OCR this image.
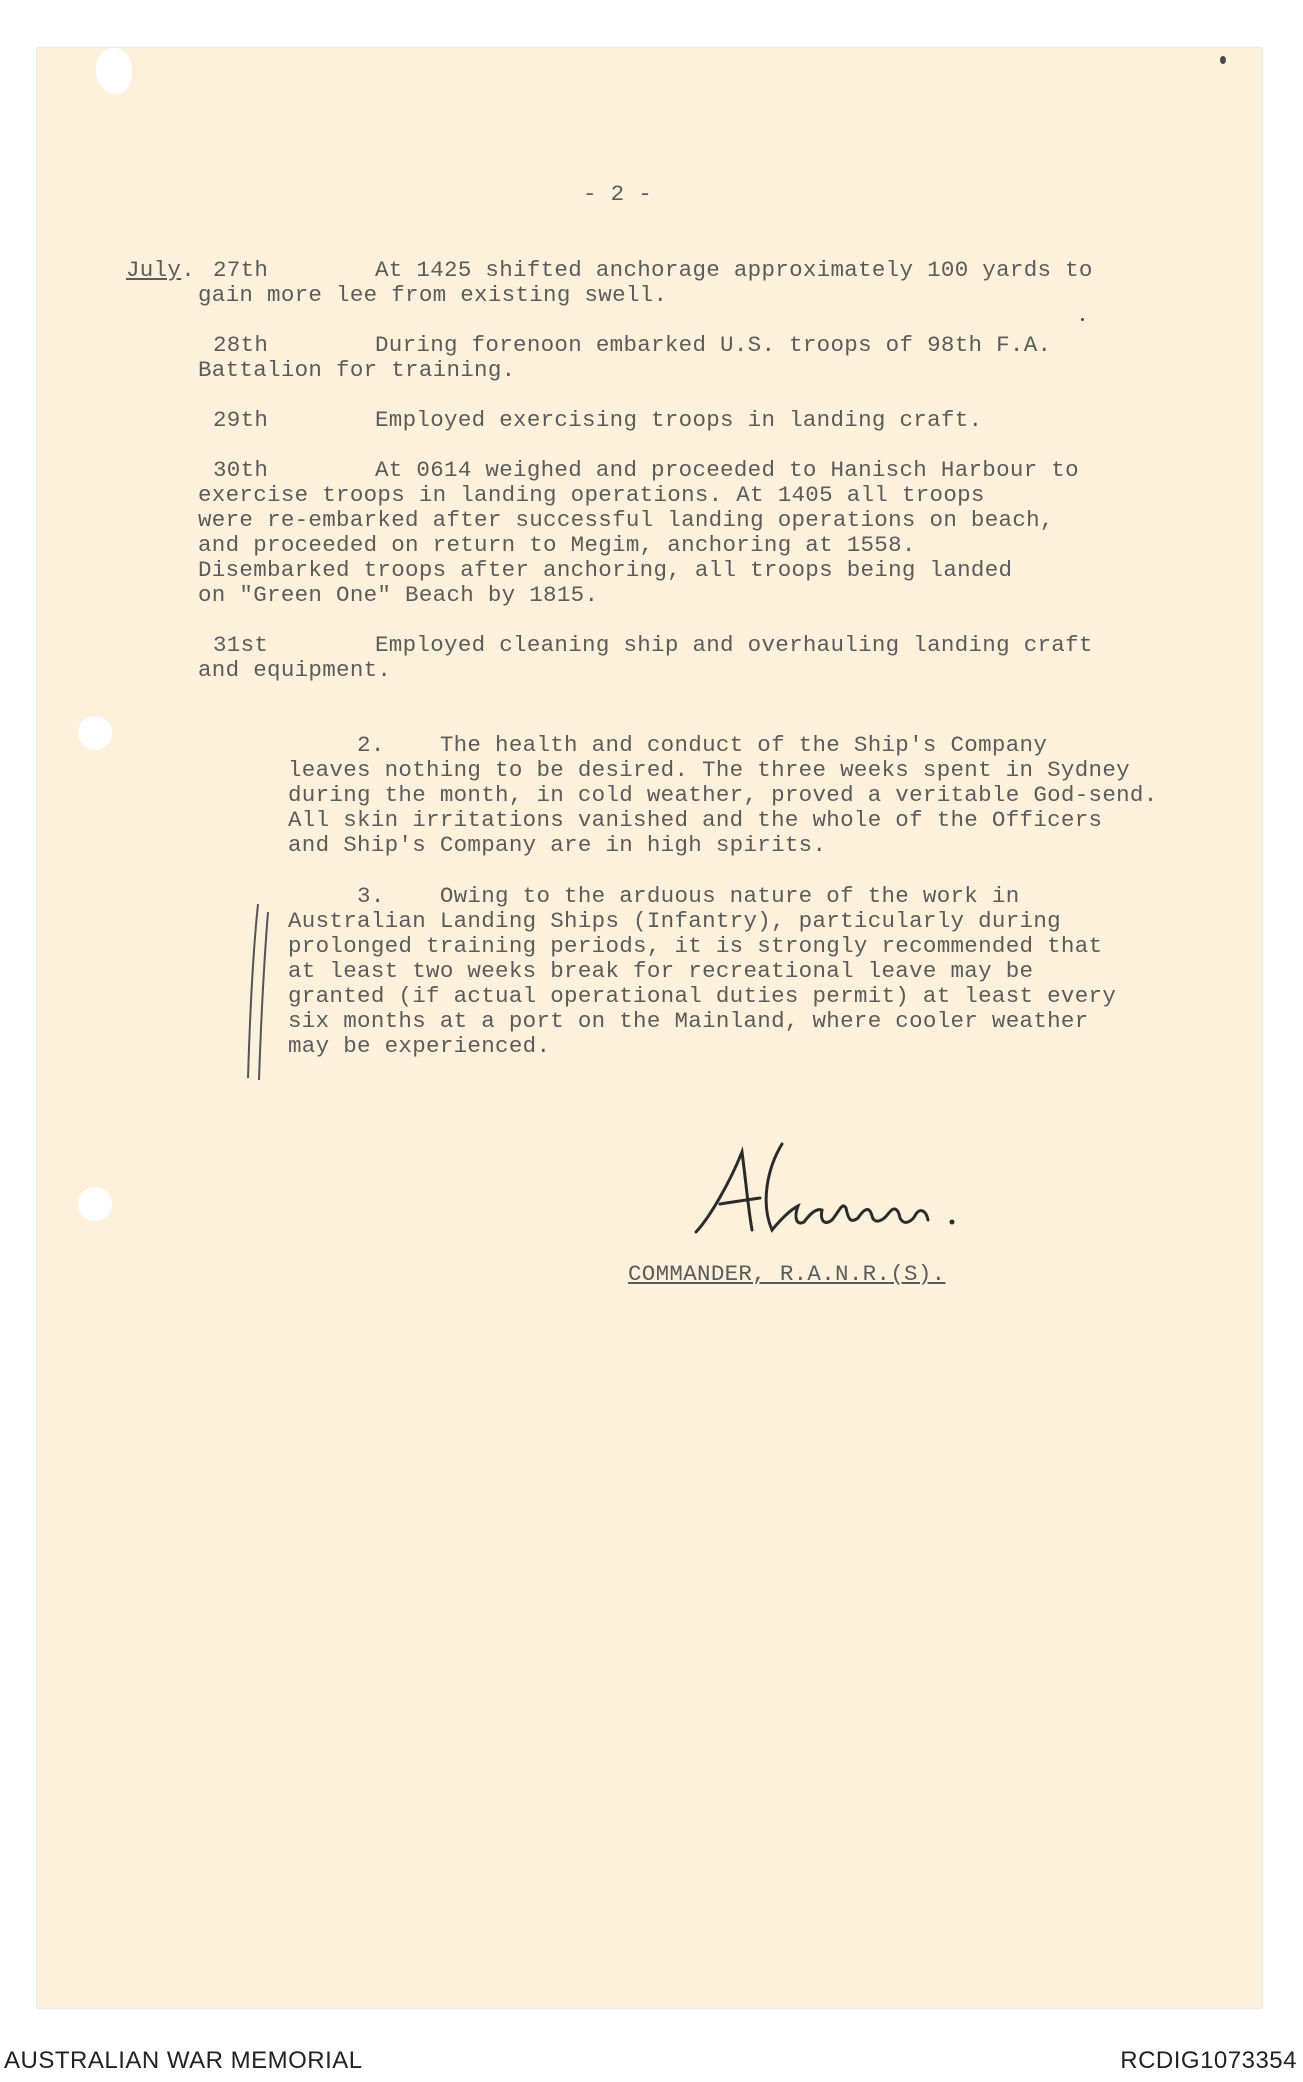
- 2 -
July. 27th	At 1425 shifted anchorage approximately 100 yards to
gain more lee from existing swell.
28th	During forenoon embarked U.S. troops of 98th F.A.
Battalion for training.
29th	Employed exercising troops in landing craft.
30th	At 0614 weighed and proceeded to Hanisch Harbour to
exercise troops in landing operations. At 1405 all troops
were re-embarked after successful landing operations on beach,
and proceeded on return to Megim, anchoring at 1558.
Disembarked troops after anchoring, all troops being landed
on "Green One" Beach by 1815.
31st	Employed cleaning ship and overhauling landing craft
and equipment.
2.    The health and conduct of the Ship's Company
leaves nothing to be desired. The three weeks spent in Sydney
during the month, in cold weather, proved a veritable God-send.
All skin irritations vanished and the whole of the Officers
and Ship's Company are in high spirits.
3.    Owing to the arduous nature of the work in
Australian Landing Ships (Infantry), particularly during
prolonged training periods, it is strongly recommended that
at least two weeks break for recreational leave may be
granted (if actual operational duties permit) at least every
six months at a port on the Mainland, where cooler weather
may be experienced.
COMMANDER, R.A.N.R.(S).
AUSTRALIAN WAR MEMORIAL	RCDIG1073354
